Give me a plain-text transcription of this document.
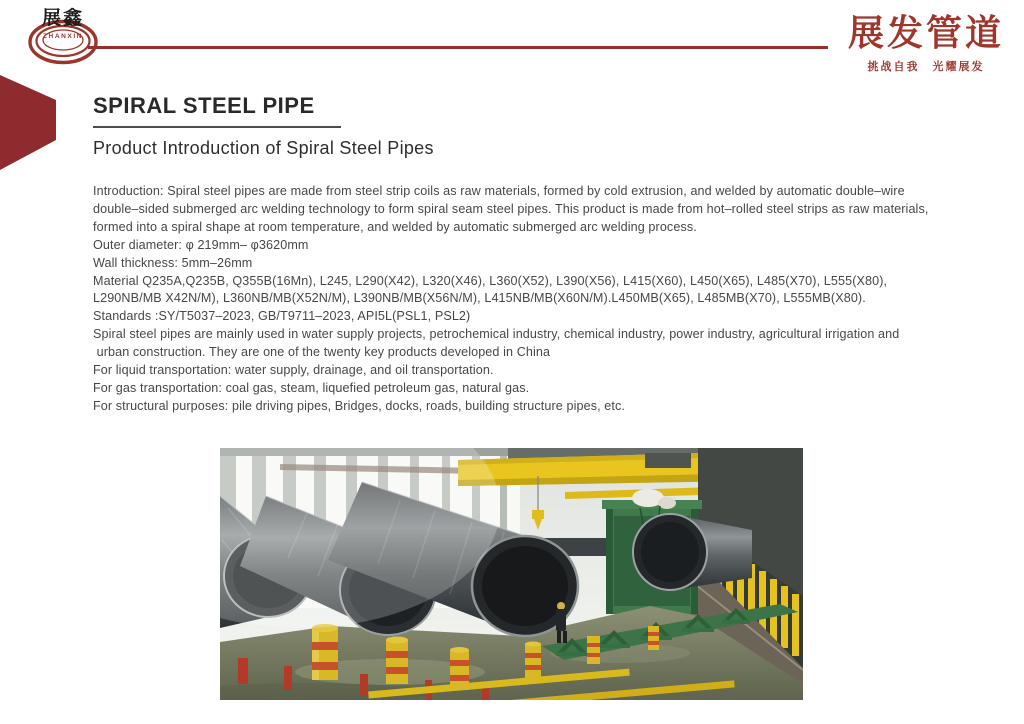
展鑫
ZHANXIN	展发管道
挑战自我　光耀展发
SPIRAL STEEL PIPE
Product Introduction of Spiral Steel Pipes
Introduction: Spiral steel pipes are made from steel strip coils as raw materials, formed by cold extrusion, and welded by automatic double–wire
double–sided submerged arc welding technology to form spiral seam steel pipes. This product is made from hot–rolled steel strips as raw materials,
formed into a spiral shape at room temperature, and welded by automatic submerged arc welding process.
Outer diameter: φ 219mm– φ3620mm
Wall thickness: 5mm–26mm
Material Q235A,Q235B, Q355B(16Mn), L245, L290(X42), L320(X46), L360(X52), L390(X56), L415(X60), L450(X65), L485(X70), L555(X80),
L290NB/MB X42N/M), L360NB/MB(X52N/M), L390NB/MB(X56N/M), L415NB/MB(X60N/M).L450MB(X65), L485MB(X70), L555MB(X80).
Standards :SY/T5037–2023, GB/T9711–2023, API5L(PSL1, PSL2)
Spiral steel pipes are mainly used in water supply projects, petrochemical industry, chemical industry, power industry, agricultural irrigation and
urban construction. They are one of the twenty key products developed in China
For liquid transportation: water supply, drainage, and oil transportation.
For gas transportation: coal gas, steam, liquefied petroleum gas, natural gas.
For structural purposes: pile driving pipes, Bridges, docks, roads, building structure pipes, etc.
